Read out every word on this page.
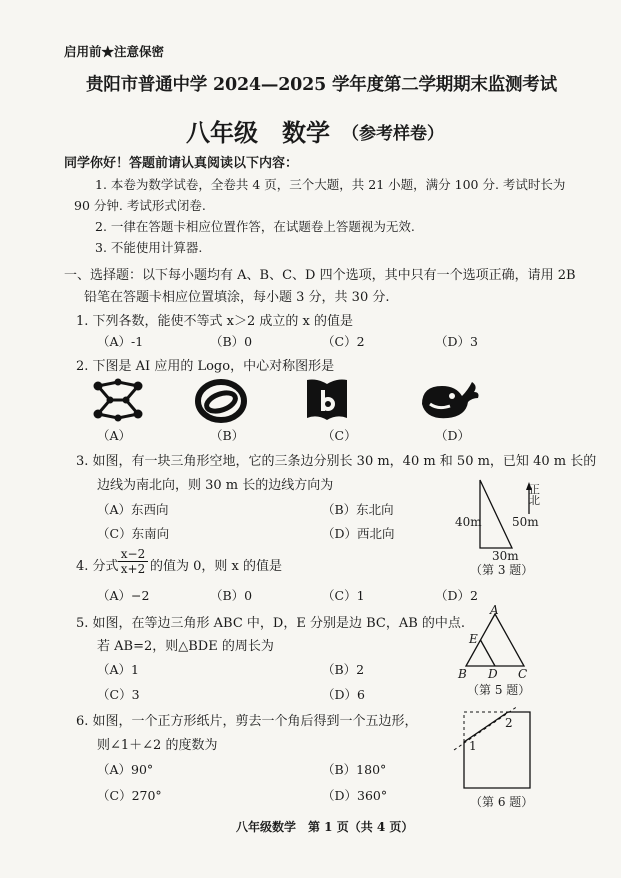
启用前★注意保密
贵阳市普通中学 2024—2025 学年度第二学期期末监测考试
八年级　数学 （参考样卷）
同学你好！答题前请认真阅读以下内容：
1. 本卷为数学试卷，全卷共 4 页，三个大题，共 21 小题，满分 100 分. 考试时长为
90 分钟. 考试形式闭卷.
2. 一律在答题卡相应位置作答，在试题卷上答题视为无效.
3. 不能使用计算器.
一、选择题：以下每小题均有 A、B、C、D 四个选项，其中只有一个选项正确，请用 2B
铅笔在答题卡相应位置填涂，每小题 3 分，共 30 分.
1. 下列各数，能使不等式 x＞2 成立的 x 的值是
（A）-1	（B）0	（C）2	（D）3
2. 下图是 AI 应用的 Logo，中心对称图形是
（A）	（B）	（C）	（D）
3. 如图，有一块三角形空地，它的三条边分别长 30 m，40 m 和 50 m，已知 40 m 长的
边线为南北向，则 30 m 长的边线方向为
（A）东西向	（B）东北向
（C）东南向	（D）西北向
正北
40m	50m
30m
（第 3 题）
4. 分式 $\frac{x-2}{x+2}$ 的值为 0，则 x 的值是
（A）−2	（B）0	（C）1	（D）2
5. 如图，在等边三角形 ABC 中，D，E 分别是边 BC，AB 的中点.
若 AB=2，则△BDE 的周长为
（A）1	（B）2
（C）3	（D）6
A
E
B D C
（第 5 题）
6. 如图，一个正方形纸片，剪去一个角后得到一个五边形，
则∠1＋∠2 的度数为
（A）90°	（B）180°
（C）270°	（D）360°
1
2
（第 6 题）
八年级数学　第 1 页（共 4 页）
